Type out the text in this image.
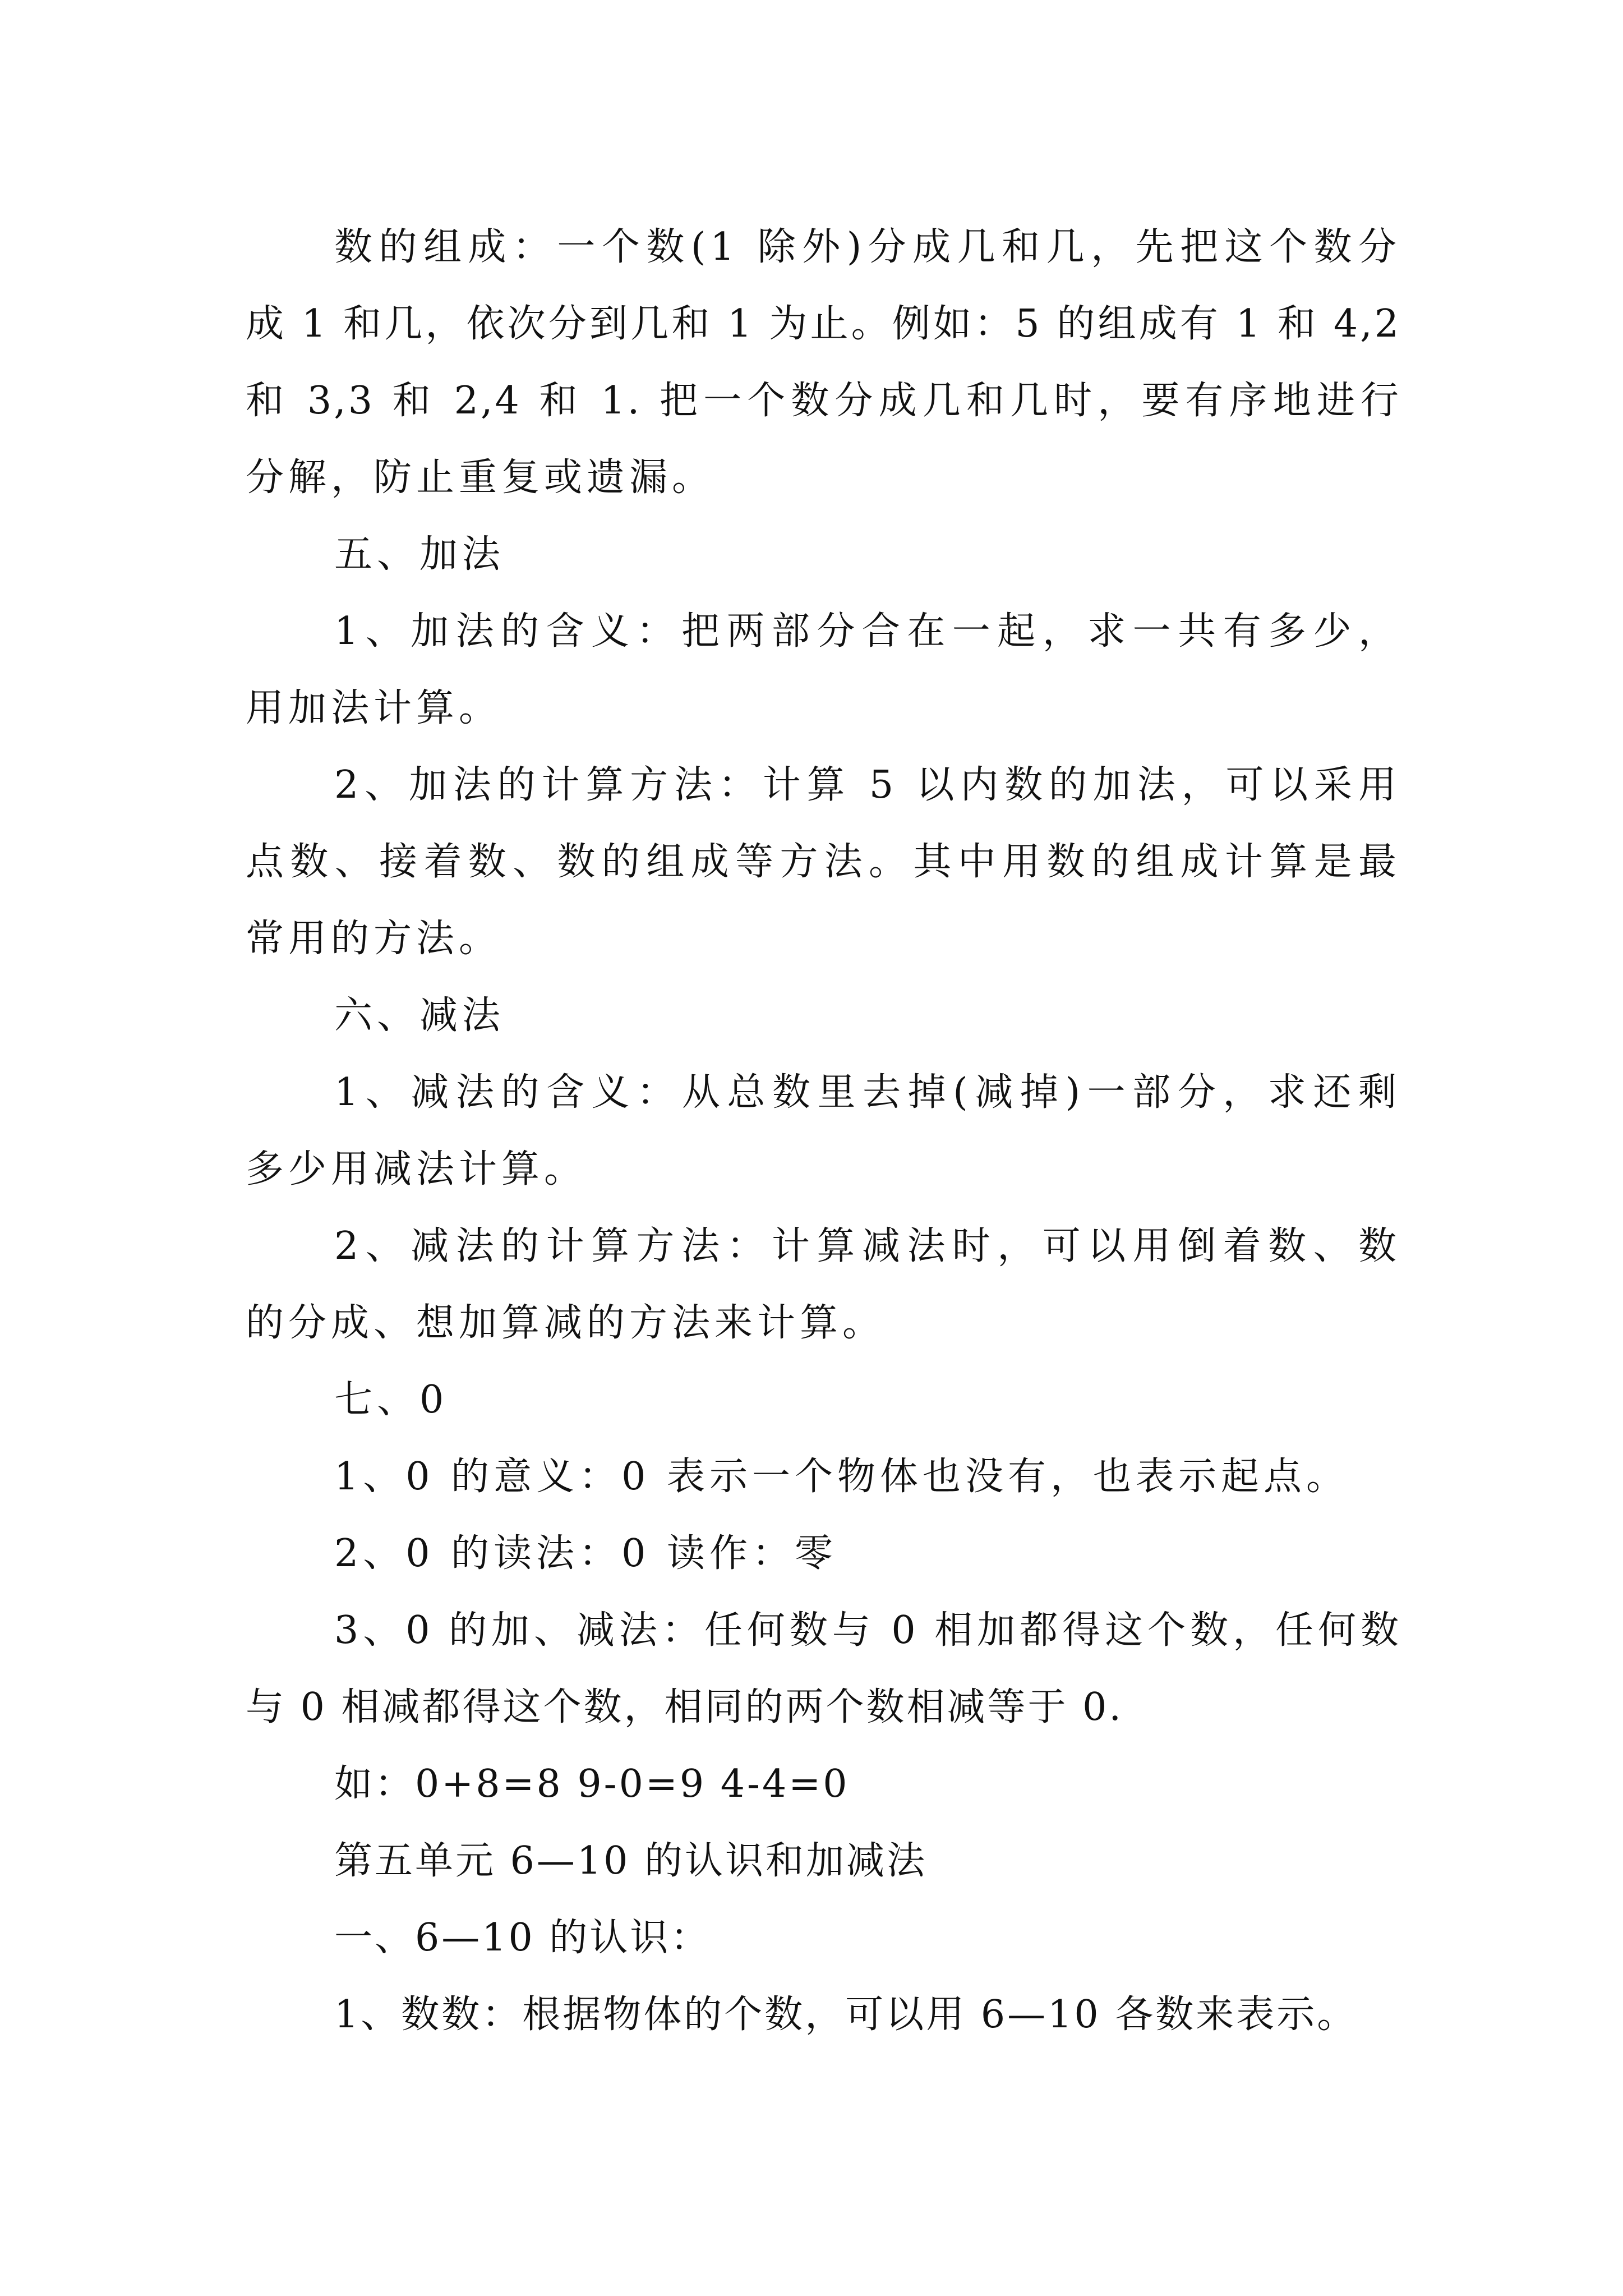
数的组成：一个数(1 除外)分成几和几，先把这个数分
成 1 和几，依次分到几和 1 为止。例如：5 的组成有 1 和 4,2
和 3,3 和 2,4 和 1. 把一个数分成几和几时，要有序地进行
分解，防止重复或遗漏。
五、加法
1、加法的含义：把两部分合在一起，求一共有多少，
用加法计算。
2、加法的计算方法：计算 5 以内数的加法，可以采用
点数、接着数、数的组成等方法。其中用数的组成计算是最
常用的方法。
六、减法
1、减法的含义：从总数里去掉(减掉)一部分，求还剩
多少用减法计算。
2、减法的计算方法：计算减法时，可以用倒着数、数
的分成、想加算减的方法来计算。
七、0
1、0 的意义：0 表示一个物体也没有，也表示起点。
2、0 的读法：0 读作：零
3、0 的加、减法：任何数与 0 相加都得这个数，任何数
与 0 相减都得这个数，相同的两个数相减等于 0.
如：0+8=8 9-0=9 4-4=0
第五单元 6—10 的认识和加减法
一、6—10 的认识：
1、数数：根据物体的个数，可以用 6—10 各数来表示。
